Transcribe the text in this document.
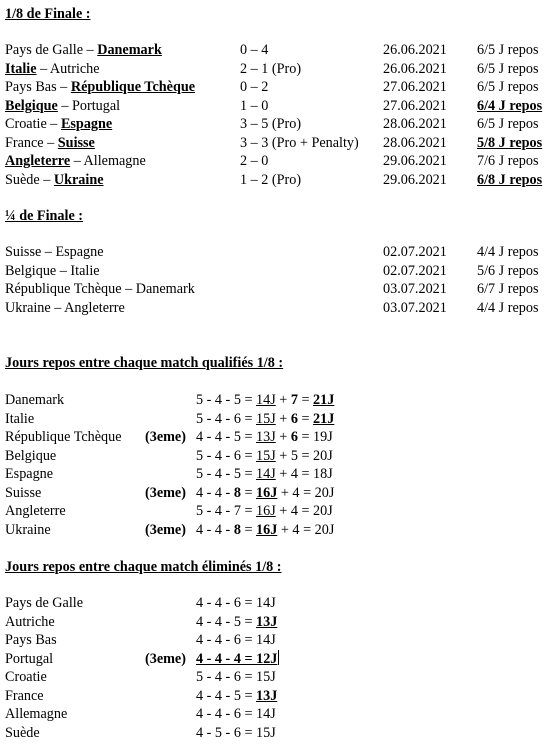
1/8 de Finale :
Pays de Galle – Danemark	0 – 4	26.06.2021 6/5 J repos
Italie – Autriche	2 – 1 (Pro)	26.06.2021 6/5 J repos
Pays Bas – République Tchèque	0 – 2	27.06.2021 6/5 J repos
Belgique – Portugal	1 – 0	27.06.2021 6/4 J repos
Croatie – Espagne	3 – 5 (Pro)	28.06.2021 6/5 J repos
France – Suisse	3 – 3 (Pro + Penalty) 28.06.2021 5/8 J repos
Angleterre – Allemagne	2 – 0	29.06.2021 7/6 J repos
Suède – Ukraine	1 – 2 (Pro)	29.06.2021 6/8 J repos
¼ de Finale :
Suisse – Espagne	02.07.2021 4/4 J repos
Belgique – Italie	02.07.2021 5/6 J repos
République Tchèque – Danemark	03.07.2021 6/7 J repos
Ukraine – Angleterre	03.07.2021 4/4 J repos
Jours repos entre chaque match qualifiés 1/8 :
Danemark	5 - 4 - 5 = 14J + 7 = 21J
Italie	5 - 4 - 6 = 15J + 6 = 21J
République Tchèque (3eme) 4 - 4 - 5 = 13J + 6 = 19J
Belgique	5 - 4 - 6 = 15J + 5 = 20J
Espagne	5 - 4 - 5 = 14J + 4 = 18J
Suisse	(3eme) 4 - 4 - 8 = 16J + 4 = 20J
Angleterre	5 - 4 - 7 = 16J + 4 = 20J
Ukraine	(3eme) 4 - 4 - 8 = 16J + 4 = 20J
Jours repos entre chaque match éliminés 1/8 :
Pays de Galle	4 - 4 - 6 = 14J
Autriche	4 - 4 - 5 = 13J
Pays Bas	4 - 4 - 6 = 14J
Portugal	(3eme) 4 - 4 - 4 = 12J
Croatie	5 - 4 - 6 = 15J
France	4 - 4 - 5 = 13J
Allemagne	4 - 4 - 6 = 14J
Suède	4 - 5 - 6 = 15J
